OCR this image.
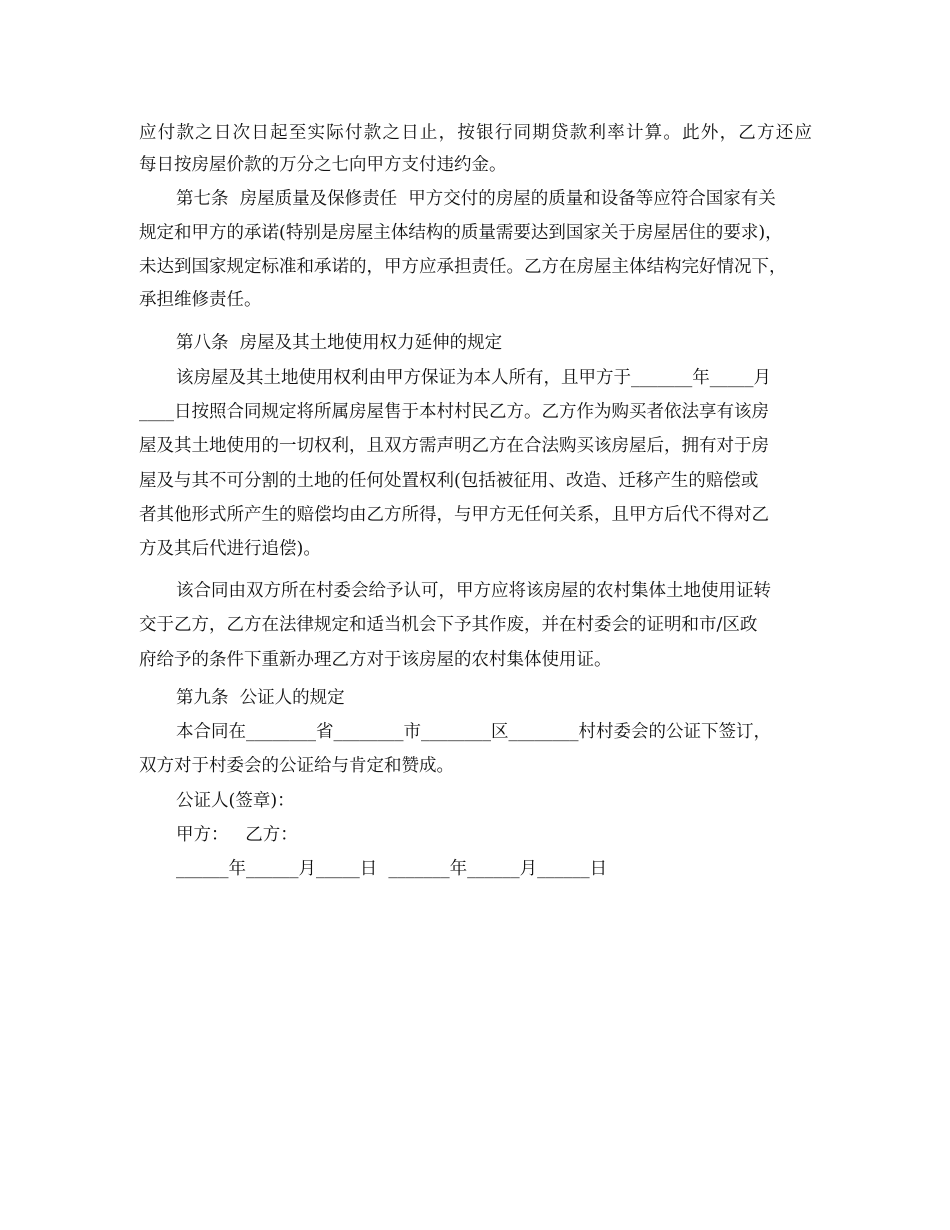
应付款之日次日起至实际付款之日止，按银行同期贷款利率计算。此外，乙方还应
每日按房屋价款的万分之七向甲方支付违约金。
第七条  房屋质量及保修责任  甲方交付的房屋的质量和设备等应符合国家有关
规定和甲方的承诺(特别是房屋主体结构的质量需要达到国家关于房屋居住的要求)，
未达到国家规定标准和承诺的，甲方应承担责任。乙方在房屋主体结构完好情况下，
承担维修责任。
第八条  房屋及其土地使用权力延伸的规定
该房屋及其土地使用权利由甲方保证为本人所有，且甲方于_______年_____月
____日按照合同规定将所属房屋售于本村村民乙方。乙方作为购买者依法享有该房
屋及其土地使用的一切权利，且双方需声明乙方在合法购买该房屋后，拥有对于房
屋及与其不可分割的土地的任何处置权利(包括被征用、改造、迁移产生的赔偿或
者其他形式所产生的赔偿均由乙方所得，与甲方无任何关系，且甲方后代不得对乙
方及其后代进行追偿)。
该合同由双方所在村委会给予认可，甲方应将该房屋的农村集体土地使用证转
交于乙方，乙方在法律规定和适当机会下予其作废，并在村委会的证明和市/区政
府给予的条件下重新办理乙方对于该房屋的农村集体使用证。
第九条  公证人的规定
本合同在________省________市________区________村村委会的公证下签订，
双方对于村委会的公证给与肯定和赞成。
公证人(签章)：
甲方：   乙方：
______年______月_____日  _______年______月______日
